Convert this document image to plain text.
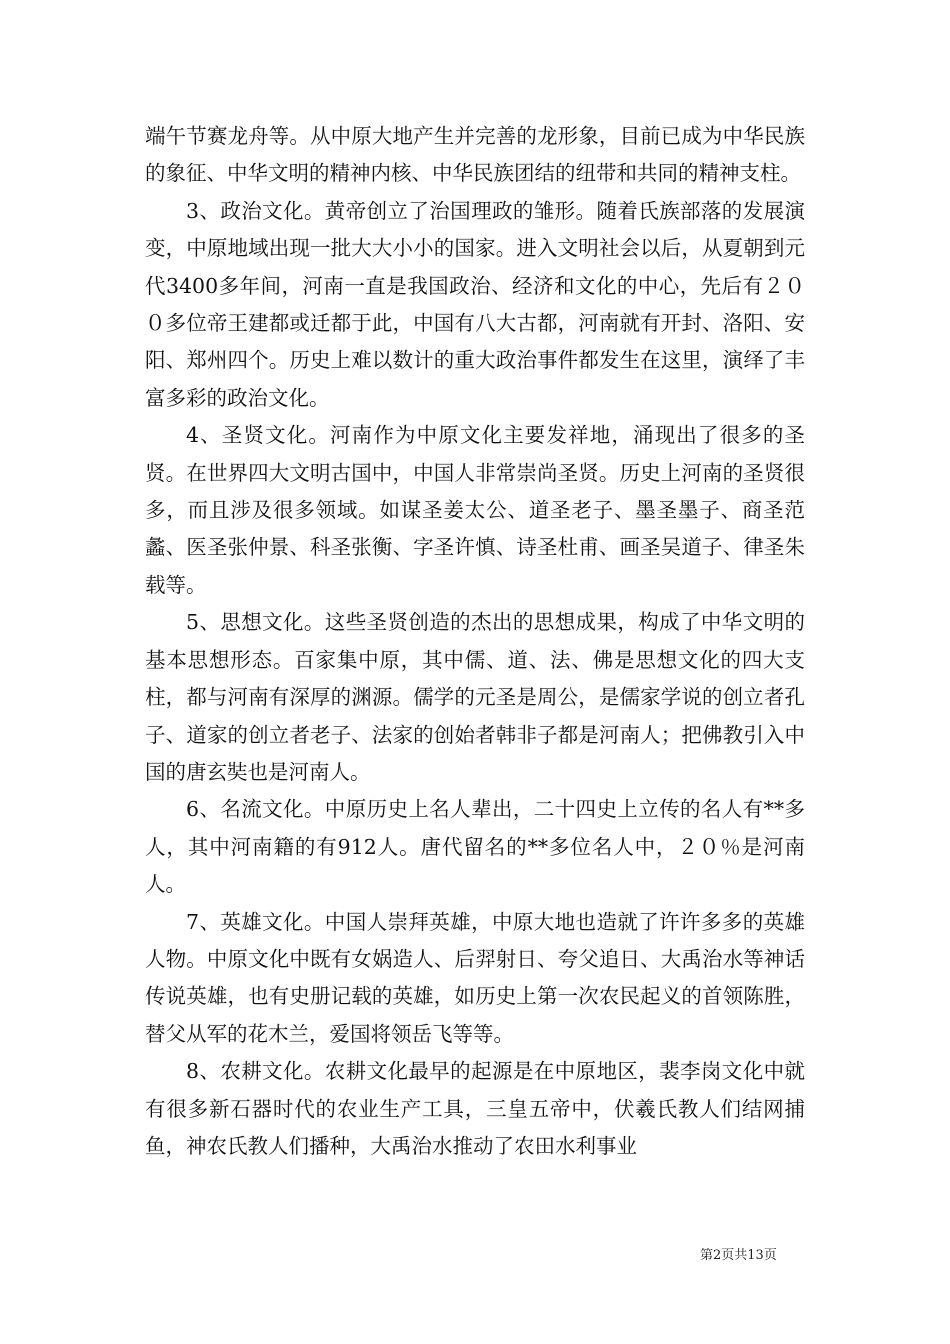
端午节赛龙舟等。从中原大地产生并完善的龙形象，目前已成为中华民族的象征、中华文明的精神内核、中华民族团结的纽带和共同的精神支柱。

3、政治文化。黄帝创立了治国理政的雏形。随着氏族部落的发展演变，中原地域出现一批大大小小的国家。进入文明社会以后，从夏朝到元代3400多年间，河南一直是我国政治、经济和文化的中心，先后有２００多位帝王建都或迁都于此，中国有八大古都，河南就有开封、洛阳、安阳、郑州四个。历史上难以数计的重大政治事件都发生在这里，演绎了丰富多彩的政治文化。

4、圣贤文化。河南作为中原文化主要发祥地，涌现出了很多的圣贤。在世界四大文明古国中，中国人非常崇尚圣贤。历史上河南的圣贤很多，而且涉及很多领域。如谋圣姜太公、道圣老子、墨圣墨子、商圣范蠡、医圣张仲景、科圣张衡、字圣许慎、诗圣杜甫、画圣吴道子、律圣朱载等。

5、思想文化。这些圣贤创造的杰出的思想成果，构成了中华文明的基本思想形态。百家集中原，其中儒、道、法、佛是思想文化的四大支柱，都与河南有深厚的渊源。儒学的元圣是周公，是儒家学说的创立者孔子、道家的创立者老子、法家的创始者韩非子都是河南人；把佛教引入中国的唐玄奘也是河南人。

6、名流文化。中原历史上名人辈出，二十四史上立传的名人有**多人，其中河南籍的有912人。唐代留名的**多位名人中，２０％是河南人。

7、英雄文化。中国人崇拜英雄，中原大地也造就了许许多多的英雄人物。中原文化中既有女娲造人、后羿射日、夸父追日、大禹治水等神话传说英雄，也有史册记载的英雄，如历史上第一次农民起义的首领陈胜，替父从军的花木兰，爱国将领岳飞等等。

8、农耕文化。农耕文化最早的起源是在中原地区，裴李岗文化中就有很多新石器时代的农业生产工具，三皇五帝中，伏羲氏教人们结网捕鱼，神农氏教人们播种，大禹治水推动了农田水利事业

第2页共13页
